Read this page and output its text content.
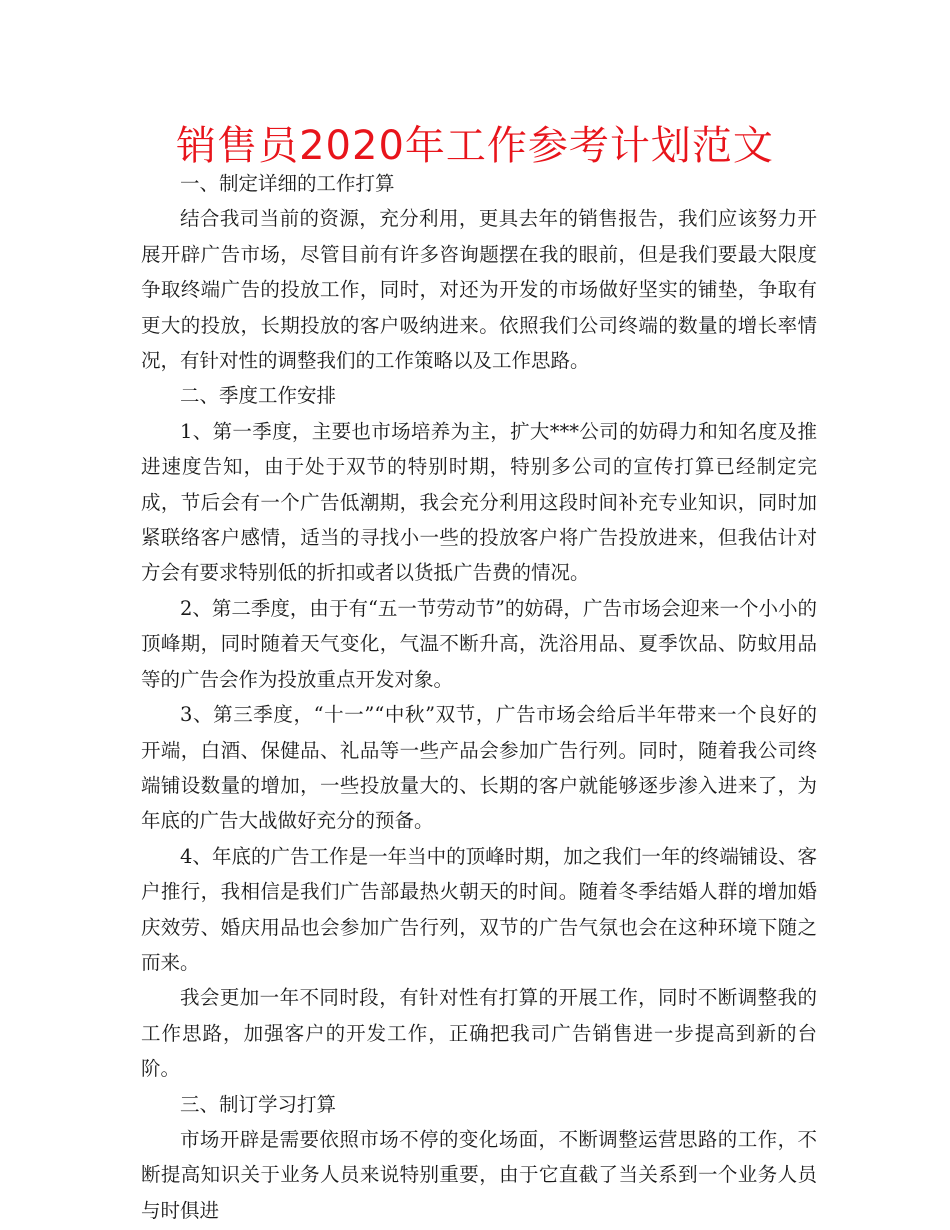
销售员2020年工作参考计划范文

一、制定详细的工作打算

结合我司当前的资源，充分利用，更具去年的销售报告，我们应该努力开展开辟广告市场，尽管目前有许多咨询题摆在我的眼前，但是我们要最大限度争取终端广告的投放工作，同时，对还为开发的市场做好坚实的铺垫，争取有更大的投放，长期投放的客户吸纳进来。依照我们公司终端的数量的增长率情况，有针对性的调整我们的工作策略以及工作思路。

二、季度工作安排

1、第一季度，主要也市场培养为主，扩大***公司的妨碍力和知名度及推进速度告知，由于处于双节的特别时期，特别多公司的宣传打算已经制定完成，节后会有一个广告低潮期，我会充分利用这段时间补充专业知识，同时加紧联络客户感情，适当的寻找小一些的投放客户将广告投放进来，但我估计对方会有要求特别低的折扣或者以货抵广告费的情况。

2、第二季度，由于有“五一节劳动节”的妨碍，广告市场会迎来一个小小的顶峰期，同时随着天气变化，气温不断升高，洗浴用品、夏季饮品、防蚊用品等的广告会作为投放重点开发对象。

3、第三季度，“十一”“中秋”双节，广告市场会给后半年带来一个良好的开端，白酒、保健品、礼品等一些产品会参加广告行列。同时，随着我公司终端铺设数量的增加，一些投放量大的、长期的客户就能够逐步渗入进来了，为年底的广告大战做好充分的预备。

4、年底的广告工作是一年当中的顶峰时期，加之我们一年的终端铺设、客户推行，我相信是我们广告部最热火朝天的时间。随着冬季结婚人群的增加婚庆效劳、婚庆用品也会参加广告行列，双节的广告气氛也会在这种环境下随之而来。

我会更加一年不同时段，有针对性有打算的开展工作，同时不断调整我的工作思路，加强客户的开发工作，正确把我司广告销售进一步提高到新的台阶。

三、制订学习打算

市场开辟是需要依照市场不停的变化场面，不断调整运营思路的工作，不断提高知识关于业务人员来说特别重要，由于它直截了当关系到一个业务人员与时俱进
